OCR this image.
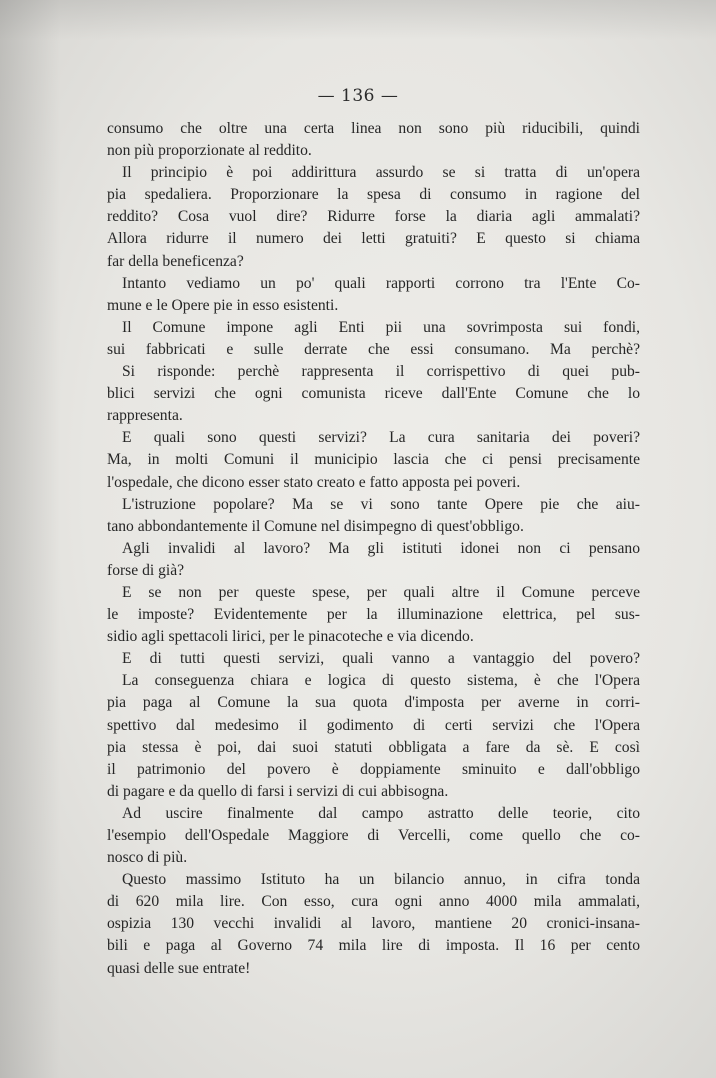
— 136 —
consumo che oltre una certa linea non sono più riducibili, quindi
non più proporzionate al reddito.
Il principio è poi addirittura assurdo se si tratta di un'opera
pia spedaliera. Proporzionare la spesa di consumo in ragione del
reddito? Cosa vuol dire? Ridurre forse la diaria agli ammalati?
Allora ridurre il numero dei letti gratuiti? E questo si chiama
far della beneficenza?
Intanto vediamo un po' quali rapporti corrono tra l'Ente Co-
mune e le Opere pie in esso esistenti.
Il Comune impone agli Enti pii una sovrimposta sui fondi,
sui fabbricati e sulle derrate che essi consumano. Ma perchè?
Si risponde: perchè rappresenta il corrispettivo di quei pub-
blici servizi che ogni comunista riceve dall'Ente Comune che lo
rappresenta.
E quali sono questi servizi? La cura sanitaria dei poveri?
Ma, in molti Comuni il municipio lascia che ci pensi precisamente
l'ospedale, che dicono esser stato creato e fatto apposta pei poveri.
L'istruzione popolare? Ma se vi sono tante Opere pie che aiu-
tano abbondantemente il Comune nel disimpegno di quest'obbligo.
Agli invalidi al lavoro? Ma gli istituti idonei non ci pensano
forse di già?
E se non per queste spese, per quali altre il Comune perceve
le imposte? Evidentemente per la illuminazione elettrica, pel sus-
sidio agli spettacoli lirici, per le pinacoteche e via dicendo.
E di tutti questi servizi, quali vanno a vantaggio del povero?
La conseguenza chiara e logica di questo sistema, è che l'Opera
pia paga al Comune la sua quota d'imposta per averne in corri-
spettivo dal medesimo il godimento di certi servizi che l'Opera
pia stessa è poi, dai suoi statuti obbligata a fare da sè. E così
il patrimonio del povero è doppiamente sminuito e dall'obbligo
di pagare e da quello di farsi i servizi di cui abbisogna.
Ad uscire finalmente dal campo astratto delle teorie, cito
l'esempio dell'Ospedale Maggiore di Vercelli, come quello che co-
nosco di più.
Questo massimo Istituto ha un bilancio annuo, in cifra tonda
di 620 mila lire. Con esso, cura ogni anno 4000 mila ammalati,
ospizia 130 vecchi invalidi al lavoro, mantiene 20 cronici-insana-
bili e paga al Governo 74 mila lire di imposta. Il 16 per cento
quasi delle sue entrate!
